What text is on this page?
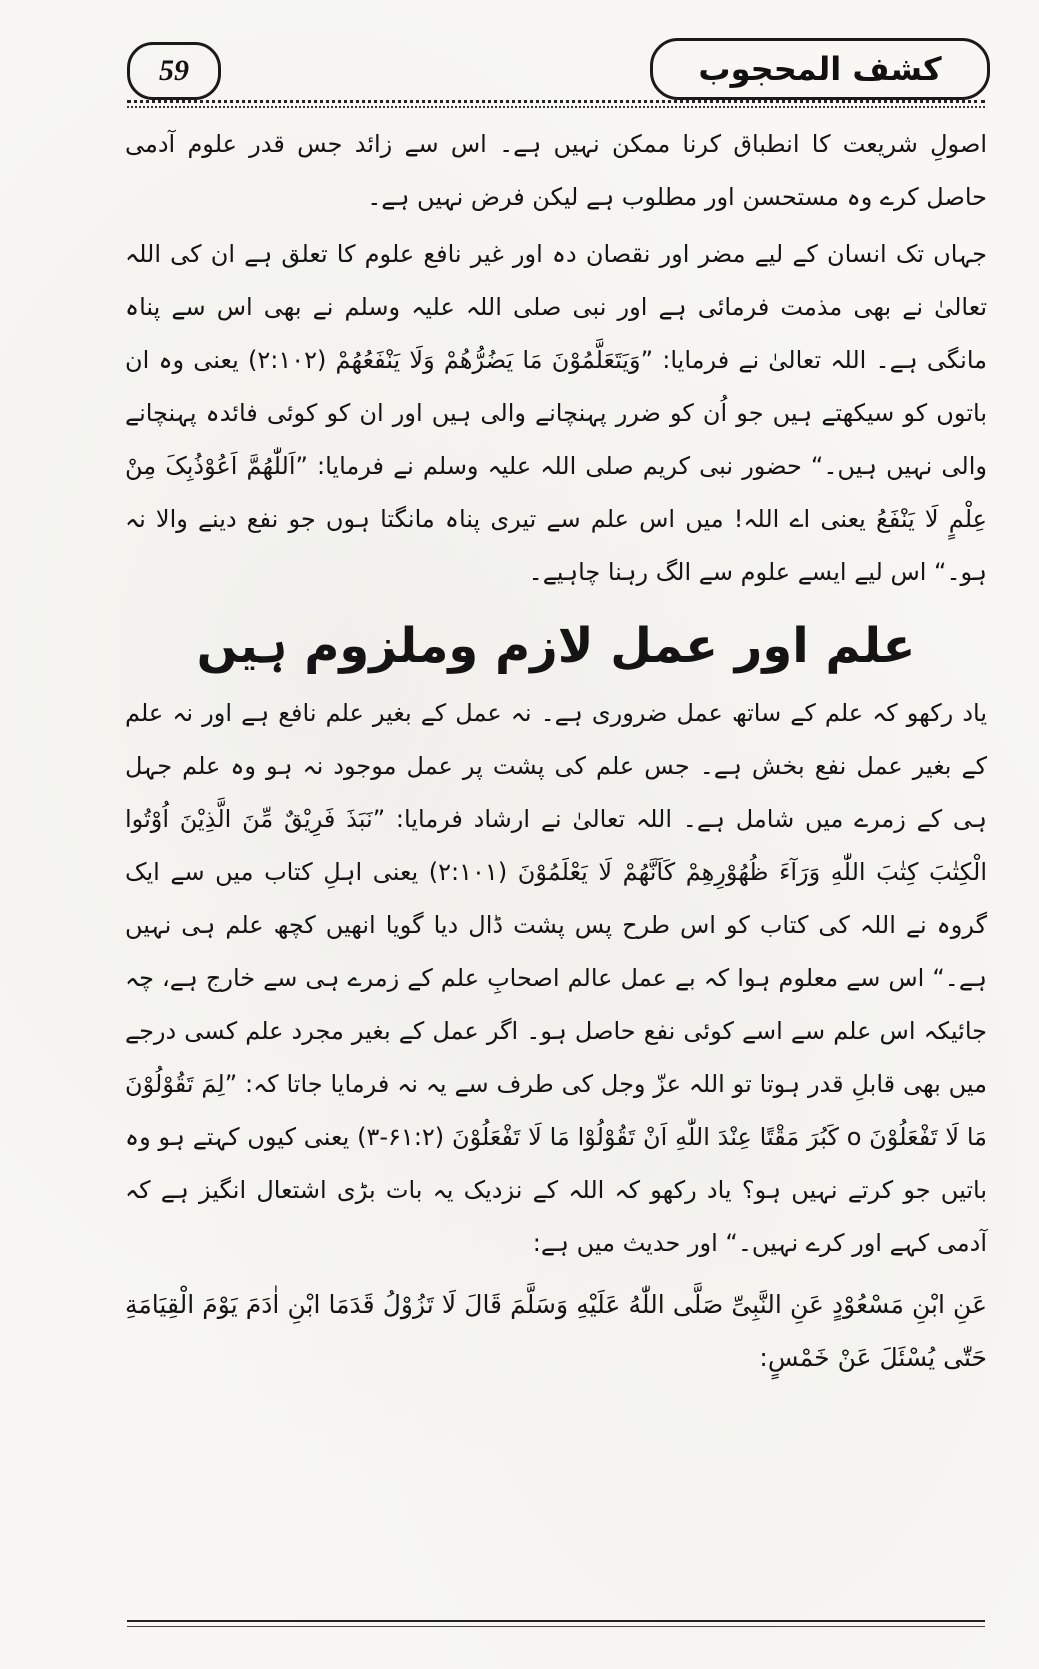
59	کشف المحجوب

اصولِ شریعت کا انطباق کرنا ممکن نہیں ہے۔ اس سے زائد جس قدر علوم آدمی حاصل کرے وہ مستحسن اور مطلوب ہے لیکن فرض نہیں ہے۔

جہاں تک انسان کے لیے مضر اور نقصان دہ اور غیر نافع علوم کا تعلق ہے ان کی اللہ تعالیٰ نے بھی مذمت فرمائی ہے اور نبی صلی اللہ علیہ وسلم نے بھی اس سے پناہ مانگی ہے۔ اللہ تعالیٰ نے فرمایا: ”وَيَتَعَلَّمُوْنَ مَا يَضُرُّهُمْ وَلَا يَنْفَعُهُمْ (۲:۱۰۲) یعنی وہ ان باتوں کو سیکھتے ہیں جو اُن کو ضرر پہنچانے والی ہیں اور ان کو کوئی فائدہ پہنچانے والی نہیں ہیں۔“ حضور نبی کریم صلی اللہ علیہ وسلم نے فرمایا: ”اَللّٰهُمَّ اَعُوْذُبِکَ مِنْ عِلْمٍ لَا يَنْفَعُ یعنی اے اللہ! میں اس علم سے تیری پناہ مانگتا ہوں جو نفع دینے والا نہ ہو۔“ اس لیے ایسے علوم سے الگ رہنا چاہیے۔

علم اور عمل لازم وملزوم ہیں

یاد رکھو کہ علم کے ساتھ عمل ضروری ہے۔ نہ عمل کے بغیر علم نافع ہے اور نہ علم کے بغیر عمل نفع بخش ہے۔ جس علم کی پشت پر عمل موجود نہ ہو وہ علم جہل ہی کے زمرے میں شامل ہے۔ اللہ تعالیٰ نے ارشاد فرمایا: ”نَبَذَ فَرِيْقٌ مِّنَ الَّذِيْنَ اُوْتُوا الْكِتٰبَ كِتٰبَ اللّٰهِ وَرَآءَ ظُهُوْرِهِمْ كَاَنَّهُمْ لَا يَعْلَمُوْنَ (۲:۱۰۱) یعنی اہلِ کتاب میں سے ایک گروہ نے اللہ کی کتاب کو اس طرح پس پشت ڈال دیا گویا انھیں کچھ علم ہی نہیں ہے۔“ اس سے معلوم ہوا کہ بے عمل عالم اصحابِ علم کے زمرے ہی سے خارج ہے، چہ جائیکہ اس علم سے اسے کوئی نفع حاصل ہو۔ اگر عمل کے بغیر مجرد علم کسی درجے میں بھی قابلِ قدر ہوتا تو اللہ عزّ وجل کی طرف سے یہ نہ فرمایا جاتا کہ: ”لِمَ تَقُوْلُوْنَ مَا لَا تَفْعَلُوْنَ o كَبُرَ مَقْتًا عِنْدَ اللّٰهِ اَنْ تَقُوْلُوْا مَا لَا تَفْعَلُوْنَ (۶۱:۲-۳) یعنی کیوں کہتے ہو وہ باتیں جو کرتے نہیں ہو؟ یاد رکھو کہ اللہ کے نزدیک یہ بات بڑی اشتعال انگیز ہے کہ آدمی کہے اور کرے نہیں۔“ اور حدیث میں ہے:

عَنِ ابْنِ مَسْعُوْدٍ عَنِ النَّبِیِّ صَلَّی اللّٰهُ عَلَيْهِ وَسَلَّمَ قَالَ لَا تَزُوْلُ قَدَمَا ابْنِ اٰدَمَ يَوْمَ الْقِيَامَةِ حَتّٰی يُسْئَلَ عَنْ خَمْسٍ:
